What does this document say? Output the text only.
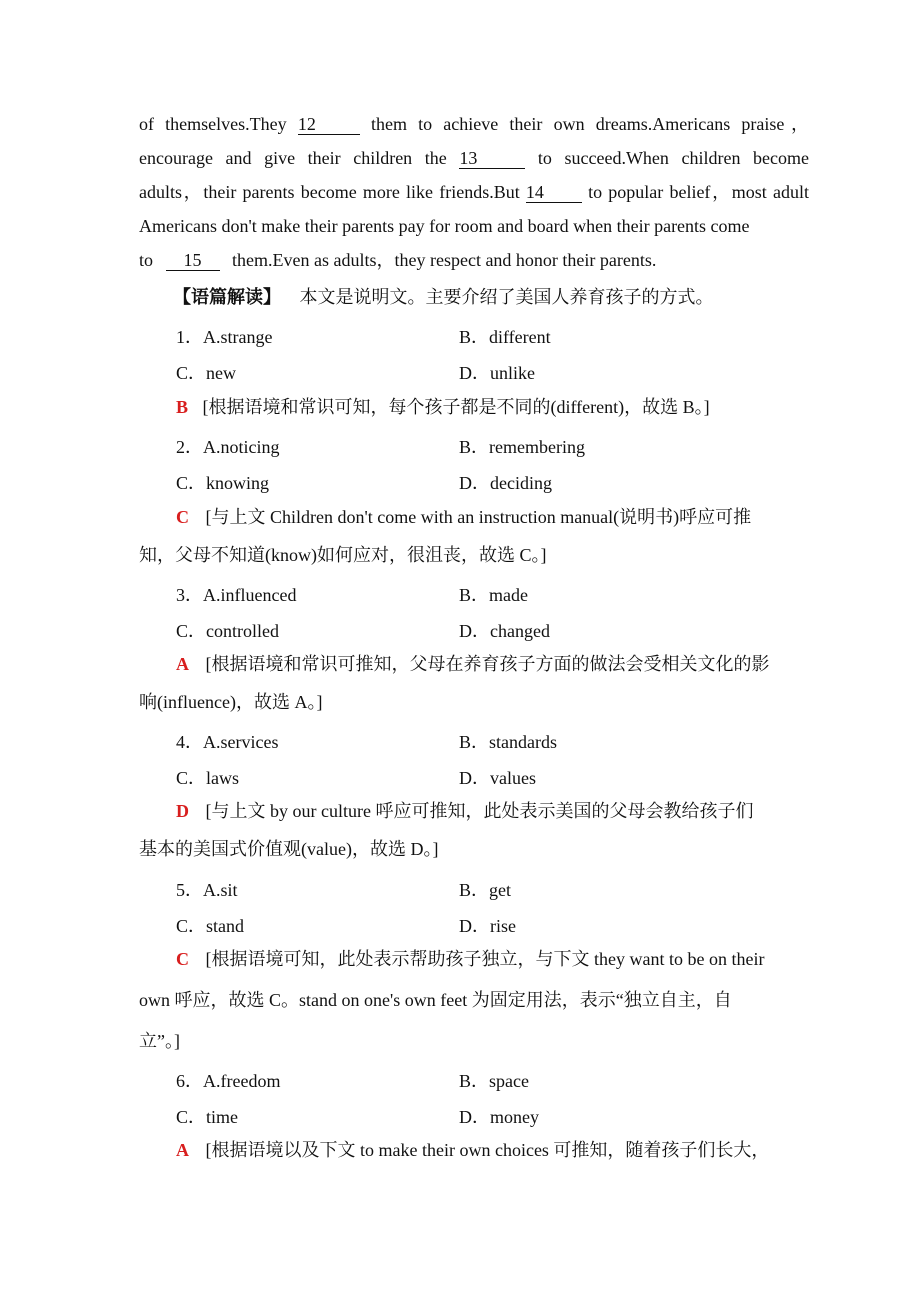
of themselves.They 12	them to achieve their own dreams.Americans praise，
encourage and give their children the 13	to succeed.When children become
adults，their parents become more like friends.But 14 to popular belief，most adult
Americans don't make their parents pay for room and board when their parents come
to 15 them.Even as adults，they respect and honor their parents.
【语篇解读】 本文是说明文。主要介绍了美国人养育孩子的方式。
1．A.strange	B．different
C．new	D．unlike
B [根据语境和常识可知，每个孩子都是不同的(different)，故选 B。]
2．A.noticing	B．remembering
C．knowing	D．deciding
C [与上文 Children don't come with an instruction manual(说明书)呼应可推
知，父母不知道(know)如何应对，很沮丧，故选 C。]
3．A.influenced	B．made
C．controlled	D．changed
A [根据语境和常识可推知，父母在养育孩子方面的做法会受相关文化的影
响(influence)，故选 A。]
4．A.services	B．standards
C．laws	D．values
D [与上文 by our culture 呼应可推知，此处表示美国的父母会教给孩子们
基本的美国式价值观(value)，故选 D。]
5．A.sit	B．get
C．stand	D．rise
C [根据语境可知，此处表示帮助孩子独立，与下文 they want to be on their
own 呼应，故选 C。stand on one's own feet 为固定用法，表示“独立自主，自
立”。]
6．A.freedom	B．space
C．time	D．money
A [根据语境以及下文 to make their own choices 可推知，随着孩子们长大，
